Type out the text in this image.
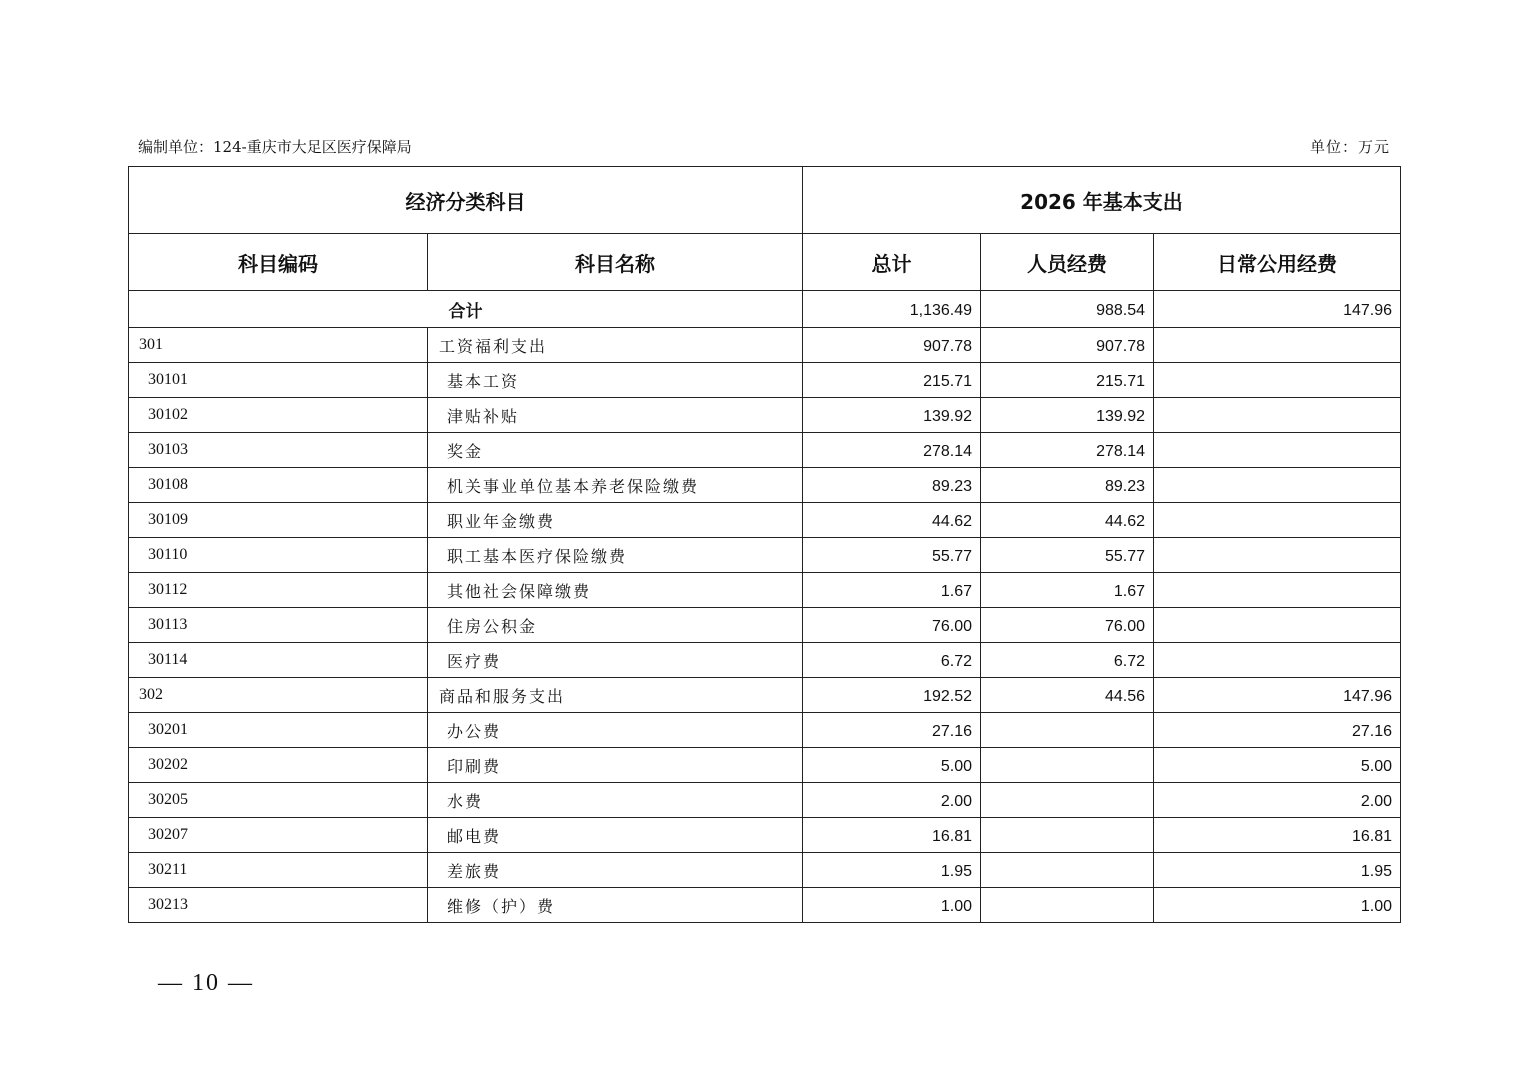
编制单位：124-重庆市大足区医疗保障局	单位：万元
经济分类科目		2026 年基本支出		
科目编码	科目名称	总计	人员经费	日常公用经费
合计		1,136.49	988.54	147.96
301	工资福利支出	907.78	907.78	
30101	基本工资	215.71	215.71	
30102	津贴补贴	139.92	139.92	
30103	奖金	278.14	278.14	
30108	机关事业单位基本养老保险缴费	89.23	89.23	
30109	职业年金缴费	44.62	44.62	
30110	职工基本医疗保险缴费	55.77	55.77	
30112	其他社会保障缴费	1.67	1.67	
30113	住房公积金	76.00	76.00	
30114	医疗费	6.72	6.72	
302	商品和服务支出	192.52	44.56	147.96
30201	办公费	27.16		27.16
30202	印刷费	5.00		5.00
30205	水费	2.00		2.00
30207	邮电费	16.81		16.81
30211	差旅费	1.95		1.95
30213	维修（护）费	1.00		1.00
— 10 —
